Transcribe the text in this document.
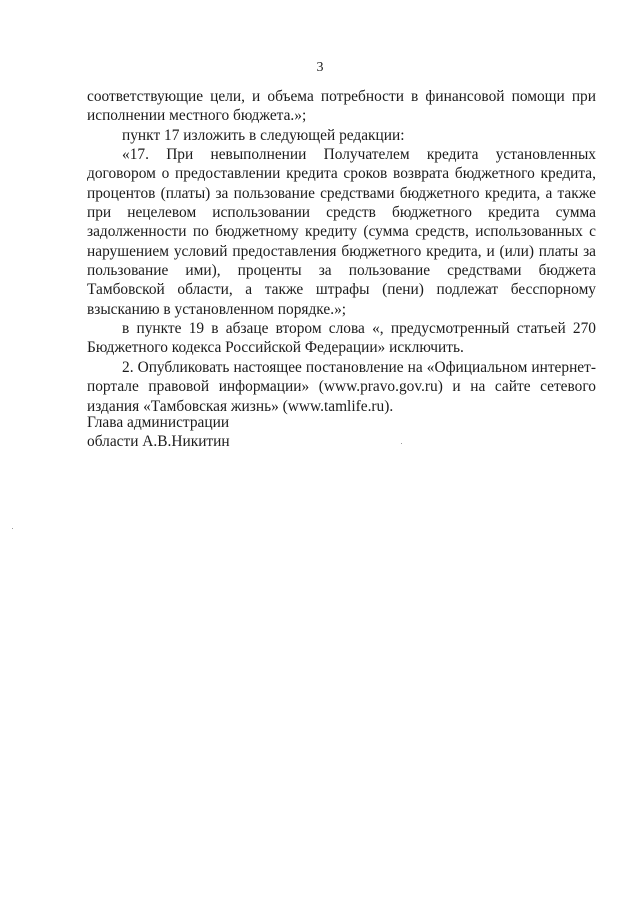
3

соответствующие цели, и объема потребности в финансовой помощи при исполнении местного бюджета.»;

пункт 17 изложить в следующей редакции:

«17. При невыполнении Получателем кредита установленных договором о предоставлении кредита сроков возврата бюджетного кредита, процентов (платы) за пользование средствами бюджетного кредита, а также при нецелевом использовании средств бюджетного кредита сумма задолженности по бюджетному кредиту (сумма средств, использованных с нарушением условий предоставления бюджетного кредита, и (или) платы за пользование ими), проценты за пользование средствами бюджета Тамбовской области, а также штрафы (пени) подлежат бесспорному взысканию в установленном порядке.»;

в пункте 19 в абзаце втором слова «, предусмотренный статьей 270 Бюджетного кодекса Российской Федерации» исключить.

2. Опубликовать настоящее постановление на «Официальном интернет-портале правовой информации» (www.pravo.gov.ru) и на сайте сетевого издания «Тамбовская жизнь» (www.tamlife.ru).

Глава администрации
области А.В.Никитин
